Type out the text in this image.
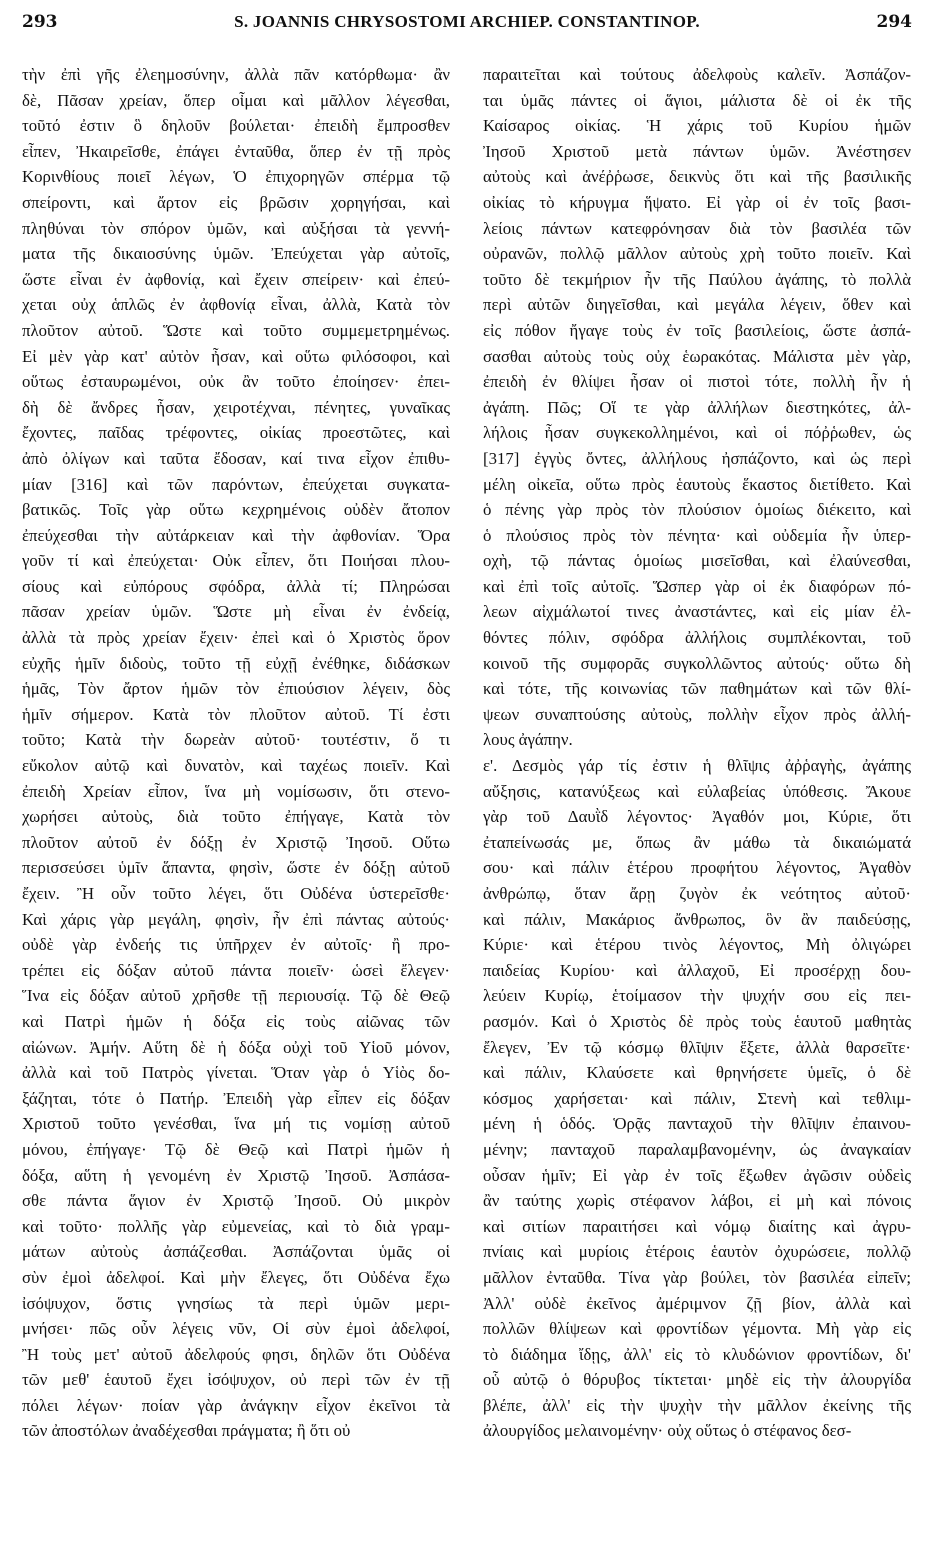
293	S. JOANNIS CHRYSOSTOMI ARCHIEP. CONSTANTINOP.	294
τὴν ἐπὶ γῆς ἐλεημοσύνην, ἀλλὰ πᾶν κατόρθωμα· ἂν
δὲ, Πᾶσαν χρείαν, ὅπερ οἶμαι καὶ μᾶλλον λέγεσθαι,
τοῦτό ἐστιν ὃ δηλοῦν βούλεται· ἐπειδὴ ἔμπροσθεν
εἶπεν, Ἠκαιρεῖσθε, ἐπάγει ἐνταῦθα, ὅπερ ἐν τῇ πρὸς
Κορινθίους ποιεῖ λέγων, Ὁ ἐπιχορηγῶν σπέρμα τῷ
σπείροντι, καὶ ἄρτον εἰς βρῶσιν χορηγήσαι, καὶ
πληθύναι τὸν σπόρον ὑμῶν, καὶ αὐξήσαι τὰ γεννή-
ματα τῆς δικαιοσύνης ὑμῶν. Ἐπεύχεται γὰρ αὐτοῖς,
ὥστε εἶναι ἐν ἀφθονίᾳ, καὶ ἔχειν σπείρειν· καὶ ἐπεύ-
χεται οὐχ ἁπλῶς ἐν ἀφθονίᾳ εἶναι, ἀλλὰ, Κατὰ τὸν
πλοῦτον αὐτοῦ. Ὥστε καὶ τοῦτο συμμεμετρημένως.
Εἰ μὲν γὰρ κατ' αὐτὸν ἦσαν, καὶ οὕτω φιλόσοφοι, καὶ
οὕτως ἐσταυρωμένοι, οὐκ ἂν τοῦτο ἐποίησεν· ἐπει-
δὴ δὲ ἄνδρες ἦσαν, χειροτέχναι, πένητες, γυναῖκας
ἔχοντες, παῖδας τρέφοντες, οἰκίας προεστῶτες, καὶ
ἀπὸ ὀλίγων καὶ ταῦτα ἔδοσαν, καί τινα εἶχον ἐπιθυ-
μίαν [316] καὶ τῶν παρόντων, ἐπεύχεται συγκατα-
βατικῶς. Τοῖς γὰρ οὕτω κεχρημένοις οὐδὲν ἄτοπον
ἐπεύχεσθαι τὴν αὐτάρκειαν καὶ τὴν ἀφθονίαν. Ὅρα
γοῦν τί καὶ ἐπεύχεται· Οὐκ εἶπεν, ὅτι Ποιήσαι πλου-
σίους καὶ εὐπόρους σφόδρα, ἀλλὰ τί; Πληρώσαι
πᾶσαν χρείαν ὑμῶν. Ὥστε μὴ εἶναι ἐν ἐνδείᾳ,
ἀλλὰ τὰ πρὸς χρείαν ἔχειν· ἐπεὶ καὶ ὁ Χριστὸς ὅρον
εὐχῆς ἡμῖν διδοὺς, τοῦτο τῇ εὐχῇ ἐνέθηκε, διδάσκων
ἡμᾶς, Τὸν ἄρτον ἡμῶν τὸν ἐπιούσιον λέγειν, δὸς
ἡμῖν σήμερον. Κατὰ τὸν πλοῦτον αὐτοῦ. Τί ἐστι
τοῦτο; Κατὰ τὴν δωρεὰν αὐτοῦ· τουτέστιν, ὅ τι
εὔκολον αὐτῷ καὶ δυνατὸν, καὶ ταχέως ποιεῖν. Καὶ
ἐπειδὴ Χρείαν εἶπον, ἵνα μὴ νομίσωσιν, ὅτι στενο-
χωρήσει αὐτοὺς, διὰ τοῦτο ἐπήγαγε, Κατὰ τὸν
πλοῦτον αὐτοῦ ἐν δόξῃ ἐν Χριστῷ Ἰησοῦ. Οὕτω
περισσεύσει ὑμῖν ἅπαντα, φησὶν, ὥστε ἐν δόξῃ αὐτοῦ
ἔχειν. Ἢ οὖν τοῦτο λέγει, ὅτι Οὐδένα ὑστερεῖσθε·
Καὶ χάρις γὰρ μεγάλη, φησὶν, ἦν ἐπὶ πάντας αὐτούς·
οὐδὲ γὰρ ἐνδεής τις ὑπῆρχεν ἐν αὐτοῖς· ἢ προ-
τρέπει εἰς δόξαν αὐτοῦ πάντα ποιεῖν· ὡσεὶ ἔλεγεν·
Ἵνα εἰς δόξαν αὐτοῦ χρῆσθε τῇ περιουσίᾳ. Τῷ δὲ Θεῷ
καὶ Πατρὶ ἡμῶν ἡ δόξα εἰς τοὺς αἰῶνας τῶν
αἰώνων. Ἀμήν. Αὕτη δὲ ἡ δόξα οὐχὶ τοῦ Υἱοῦ μόνον,
ἀλλὰ καὶ τοῦ Πατρὸς γίνεται. Ὅταν γὰρ ὁ Υἱὸς δο-
ξάζηται, τότε ὁ Πατήρ. Ἐπειδὴ γὰρ εἶπεν εἰς δόξαν
Χριστοῦ τοῦτο γενέσθαι, ἵνα μή τις νομίσῃ αὐτοῦ
μόνου, ἐπήγαγε· Τῷ δὲ Θεῷ καὶ Πατρὶ ἡμῶν ἡ
δόξα, αὕτη ἡ γενομένη ἐν Χριστῷ Ἰησοῦ. Ἀσπάσα-
σθε πάντα ἅγιον ἐν Χριστῷ Ἰησοῦ. Οὐ μικρὸν
καὶ τοῦτο· πολλῆς γὰρ εὐμενείας, καὶ τὸ διὰ γραμ-
μάτων αὐτοὺς ἀσπάζεσθαι. Ἀσπάζονται ὑμᾶς οἱ
σὺν ἐμοὶ ἀδελφοί. Καὶ μὴν ἔλεγες, ὅτι Οὐδένα ἔχω
ἰσόψυχον, ὅστις γνησίως τὰ περὶ ὑμῶν μερι-
μνήσει· πῶς οὖν λέγεις νῦν, Οἱ σὺν ἐμοὶ ἀδελφοί,
Ἢ τοὺς μετ' αὐτοῦ ἀδελφούς φησι, δηλῶν ὅτι Οὐδένα
τῶν μεθ' ἑαυτοῦ ἔχει ἰσόψυχον, οὐ περὶ τῶν ἐν τῇ
πόλει λέγων· ποίαν γὰρ ἀνάγκην εἶχον ἐκεῖνοι τὰ
τῶν ἀποστόλων ἀναδέχεσθαι πράγματα; ἢ ὅτι οὐ
παραιτεῖται καὶ τούτους ἀδελφοὺς καλεῖν. Ἀσπάζον-
ται ὑμᾶς πάντες οἱ ἅγιοι, μάλιστα δὲ οἱ ἐκ τῆς
Καίσαρος οἰκίας. Ἡ χάρις τοῦ Κυρίου ἡμῶν
Ἰησοῦ Χριστοῦ μετὰ πάντων ὑμῶν. Ἀνέστησεν
αὐτοὺς καὶ ἀνέῤῥωσε, δεικνὺς ὅτι καὶ τῆς βασιλικῆς
οἰκίας τὸ κήρυγμα ἥψατο. Εἰ γὰρ οἱ ἐν τοῖς βασι-
λείοις πάντων κατεφρόνησαν διὰ τὸν βασιλέα τῶν
οὐρανῶν, πολλῷ μᾶλλον αὐτοὺς χρὴ τοῦτο ποιεῖν. Καὶ
τοῦτο δὲ τεκμήριον ἦν τῆς Παύλου ἀγάπης, τὸ πολλὰ
περὶ αὐτῶν διηγεῖσθαι, καὶ μεγάλα λέγειν, ὅθεν καὶ
εἰς πόθον ἤγαγε τοὺς ἐν τοῖς βασιλείοις, ὥστε ἀσπά-
σασθαι αὐτοὺς τοὺς οὐχ ἑωρακότας. Μάλιστα μὲν γὰρ,
ἐπειδὴ ἐν θλίψει ἦσαν οἱ πιστοὶ τότε, πολλὴ ἦν ἡ
ἀγάπη. Πῶς; Οἵ τε γὰρ ἀλλήλων διεστηκότες, ἀλ-
λήλοις ἦσαν συγκεκολλημένοι, καὶ οἱ πόῤῥωθεν, ὡς
[317] ἐγγὺς ὄντες, ἀλλήλους ἠσπάζοντο, καὶ ὡς περὶ
μέλη οἰκεῖα, οὕτω πρὸς ἑαυτοὺς ἕκαστος διετίθετο. Καὶ
ὁ πένης γὰρ πρὸς τὸν πλούσιον ὁμοίως διέκειτο, καὶ
ὁ πλούσιος πρὸς τὸν πένητα· καὶ οὐδεμία ἦν ὑπερ-
οχὴ, τῷ πάντας ὁμοίως μισεῖσθαι, καὶ ἐλαύνεσθαι,
καὶ ἐπὶ τοῖς αὐτοῖς. Ὥσπερ γὰρ οἱ ἐκ διαφόρων πό-
λεων αἰχμάλωτοί τινες ἀναστάντες, καὶ εἰς μίαν ἐλ-
θόντες πόλιν, σφόδρα ἀλλήλοις συμπλέκονται, τοῦ
κοινοῦ τῆς συμφορᾶς συγκολλῶντος αὐτούς· οὕτω δὴ
καὶ τότε, τῆς κοινωνίας τῶν παθημάτων καὶ τῶν θλί-
ψεων συναπτούσης αὐτοὺς, πολλὴν εἶχον πρὸς ἀλλή-
λους ἀγάπην.
ε'. Δεσμὸς γάρ τίς ἐστιν ἡ θλῖψις ἀῤῥαγὴς, ἀγάπης
αὔξησις, κατανύξεως καὶ εὐλαβείας ὑπόθεσις. Ἄκουε
γὰρ τοῦ Δαυῒδ λέγοντος· Ἀγαθόν μοι, Κύριε, ὅτι
ἐταπείνωσάς με, ὅπως ἂν μάθω τὰ δικαιώματά
σου· καὶ πάλιν ἑτέρου προφήτου λέγοντος, Ἀγαθὸν
ἀνθρώπῳ, ὅταν ἄρῃ ζυγὸν ἐκ νεότητος αὐτοῦ·
καὶ πάλιν, Μακάριος ἄνθρωπος, ὃν ἂν παιδεύσῃς,
Κύριε· καὶ ἑτέρου τινὸς λέγοντος, Μὴ ὀλιγώρει
παιδείας Κυρίου· καὶ ἀλλαχοῦ, Εἰ προσέρχῃ δου-
λεύειν Κυρίῳ, ἑτοίμασον τὴν ψυχήν σου εἰς πει-
ρασμόν. Καὶ ὁ Χριστὸς δὲ πρὸς τοὺς ἑαυτοῦ μαθητὰς
ἔλεγεν, Ἐν τῷ κόσμῳ θλῖψιν ἕξετε, ἀλλὰ θαρσεῖτε·
καὶ πάλιν, Κλαύσετε καὶ θρηνήσετε ὑμεῖς, ὁ δὲ
κόσμος χαρήσεται· καὶ πάλιν, Στενὴ καὶ τεθλιμ-
μένη ἡ ὁδός. Ὁρᾷς πανταχοῦ τὴν θλῖψιν ἐπαινου-
μένην; πανταχοῦ παραλαμβανομένην, ὡς ἀναγκαίαν
οὖσαν ἡμῖν; Εἰ γὰρ ἐν τοῖς ἔξωθεν ἀγῶσιν οὐδεὶς
ἂν ταύτης χωρὶς στέφανον λάβοι, εἰ μὴ καὶ πόνοις
καὶ σιτίων παραιτήσει καὶ νόμῳ διαίτης καὶ ἀγρυ-
πνίαις καὶ μυρίοις ἑτέροις ἑαυτὸν ὀχυρώσειε, πολλῷ
μᾶλλον ἐνταῦθα. Τίνα γὰρ βούλει, τὸν βασιλέα εἰπεῖν;
Ἀλλ' οὐδὲ ἐκεῖνος ἀμέριμνον ζῇ βίον, ἀλλὰ καὶ
πολλῶν θλίψεων καὶ φροντίδων γέμοντα. Μὴ γὰρ εἰς
τὸ διάδημα ἴδῃς, ἀλλ' εἰς τὸ κλυδώνιον φροντίδων, δι'
οὗ αὐτῷ ὁ θόρυβος τίκτεται· μηδὲ εἰς τὴν ἀλουργίδα
βλέπε, ἀλλ' εἰς τὴν ψυχὴν τὴν μᾶλλον ἐκείνης τῆς
ἀλουργίδος μελαινομένην· οὐχ οὕτως ὁ στέφανος δεσ-
